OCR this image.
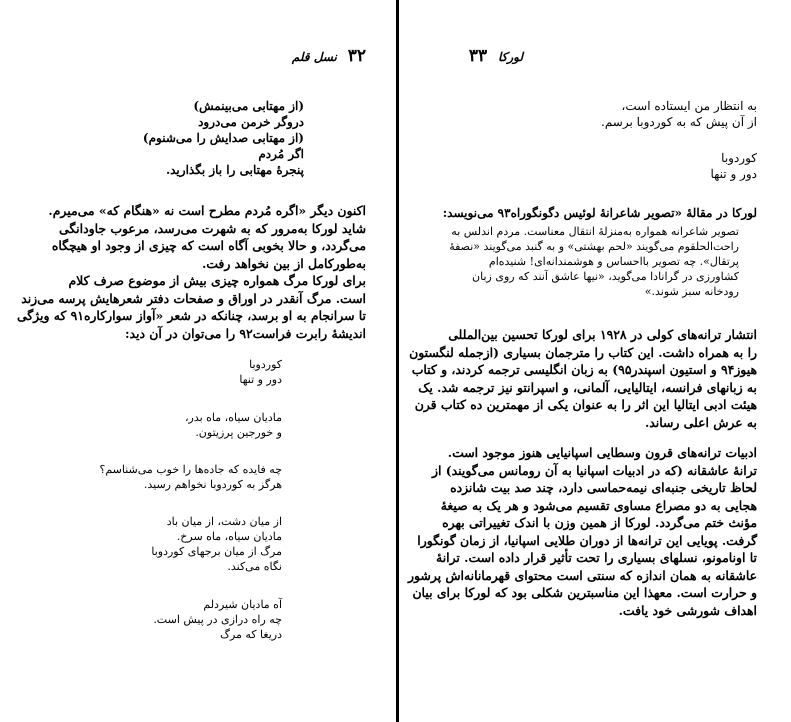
۳۲ نسل قلم
(از مهتابی می‌بینمش)
دروگر خرمن می‌درود
(از مهتابی صدایش را می‌شنوم)
اگر مُردم
پنجرهٔ مهتابی را باز بگذارید.
اکنون دیگر «اگره مُردم مطرح است نه «هنگام که» می‌میرم.
شاید لورکا به‌مرور که به شهرت می‌رسد، مرعوب جاودانگی
می‌گردد، و حالا بخوبی آگاه است که چیزی از وجود او هیچگاه
به‌طورکامل از بین نخواهد رفت.
برای لورکا مرگ همواره چیزی بیش از موضوع صرف کلام
است. مرگ آنقدر در اوراق و صفحات دفتر شعرهایش پرسه می‌زند
تا سرانجام به او برسد، چنانکه در شعر «آواز سوارکاره۹۱ که ویژگی
اندیشهٔ رابرت فراست۹۲ را می‌توان در آن دید:
کوردوبا
دور و تنها
مادیان سیاه، ماه بدر،
و خورجین پرزیتون.
چه فایده که جاده‌ها را خوب می‌شناسم؟
هرگز به کوردوبا نخواهم رسید.
از میان دشت، از میان باد
مادیان سیاه، ماه سرخ.
مرگ از میان برجهای کوردوبا
نگاه می‌کند.
آه مادیان شیردلم
چه راه درازی در پیش است.
دریغا که مرگ
لورکا ۳۳
به انتظار من ایستاده است،
از آن پیش که به کوردوبا برسم.
کوردوبا
دور و تنها
لورکا در مقالهٔ «تصویر شاعرانهٔ لوئیس دگونگوراه۹۳ می‌نویسد:
تصویر شاعرانه همواره به‌منزلهٔ انتقال معناست. مردم اندلس به
راحت‌الحلقوم می‌گویند «لحم بهشتی» و به گنبد می‌گویند «نصفهٔ
پرتقال». چه تصویر با‌احساس و هوشمندانه‌ای! شنیده‌ام
کشاورزی در گرانادا می‌گوید، «نیها عاشق آنند که روی زبان
رودخانه سبز شوند.»
انتشار ترانه‌های کولی در ۱۹۲۸ برای لورکا تحسین بین‌المللی
را به همراه داشت. این کتاب را مترجمان بسیاری (ازجمله لنگستون
هیوز۹۴ و استیون اسپندر۹۵) به زبان انگلیسی ترجمه کردند، و کتاب
به زبانهای فرانسه، ایتالیایی، آلمانی، و اسپرانتو نیز ترجمه شد. یک
هیئت ادبی ایتالیا این اثر را به عنوان یکی از مهمترین ده کتاب قرن
به عرش اعلی رساند.
ادبیات ترانه‌های قرون وسطایی اسپانیایی هنوز موجود است.
ترانهٔ عاشقانه (که در ادبیات اسپانیا به آن رومانس می‌گویند) از
لحاظ تاریخی جنبه‌ای نیمه‌حماسی دارد، چند صد بیت شانزده
هجایی به دو مصراع مساوی تقسیم می‌شود و هر یک به صیغهٔ
مؤنث ختم می‌گردد. لورکا از همین وزن با اندک تغییراتی بهره
گرفت. پویایی این ترانه‌ها از دوران طلایی اسپانیا، از زمان گونگورا
تا اونامونو، نسلهای بسیاری را تحت تأثیر قرار داده است. ترانهٔ
عاشقانه به همان اندازه که سنتی است محتوای قهرمانانه‌اش پرشور
و حرارت است. معهذا این مناسبترین شکلی بود که لورکا برای بیان
اهداف شورشی خود یافت.
